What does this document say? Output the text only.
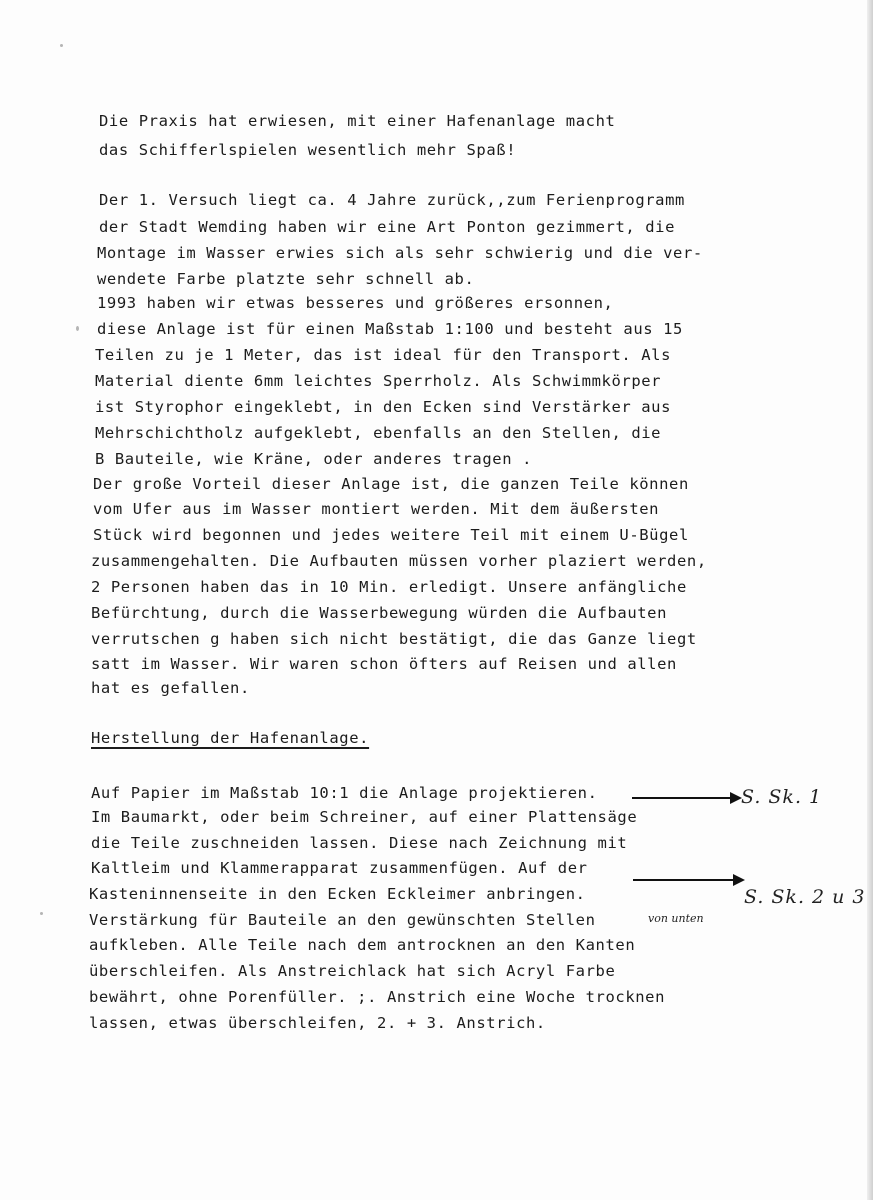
Die Praxis hat erwiesen, mit einer Hafenanlage macht

das Schifferlspielen wesentlich mehr Spaß!

Der 1. Versuch liegt ca. 4 Jahre zurück,,zum Ferienprogramm

der Stadt Wemding haben wir eine Art Ponton gezimmert, die

Montage im Wasser erwies sich als sehr schwierig und die ver-

wendete Farbe platzte sehr schnell ab.

1993 haben wir etwas besseres und größeres ersonnen,

diese Anlage ist für einen Maßstab 1:100 und besteht aus 15

Teilen zu je 1 Meter, das ist ideal für den Transport. Als

Material diente 6mm leichtes Sperrholz. Als Schwimmkörper

ist Styrophor eingeklebt, in den Ecken sind Verstärker aus

Mehrschichtholz aufgeklebt, ebenfalls an den Stellen, die

B Bauteile, wie Kräne, oder anderes tragen .

Der große Vorteil dieser Anlage ist, die ganzen Teile können

vom Ufer aus im Wasser montiert werden. Mit dem äußersten

Stück wird begonnen und jedes weitere Teil mit einem U-Bügel

zusammengehalten. Die Aufbauten müssen vorher plaziert werden,

2 Personen haben das in 10 Min. erledigt. Unsere anfängliche

Befürchtung, durch die Wasserbewegung würden die Aufbauten

verrutschen g haben sich nicht bestätigt, die das Ganze liegt

satt im Wasser. Wir waren schon öfters auf Reisen und allen

hat es gefallen.

Herstellung der Hafenanlage.

Auf Papier im Maßstab 10:1 die Anlage projektieren.

Im Baumarkt, oder beim Schreiner, auf einer Plattensäge

die Teile zuschneiden lassen. Diese nach Zeichnung mit

Kaltleim und Klammerapparat zusammenfügen. Auf der

Kasteninnenseite in den Ecken Eckleimer anbringen.

Verstärkung für Bauteile an den gewünschten Stellen

aufkleben. Alle Teile nach dem antrocknen an den Kanten

überschleifen. Als Anstreichlack hat sich Acryl Farbe

bewährt, ohne Porenfüller. ;. Anstrich eine Woche trocknen

lassen, etwas überschleifen, 2. + 3. Anstrich.

S. Sk. 1
S. Sk. 2 u 3
von unten
